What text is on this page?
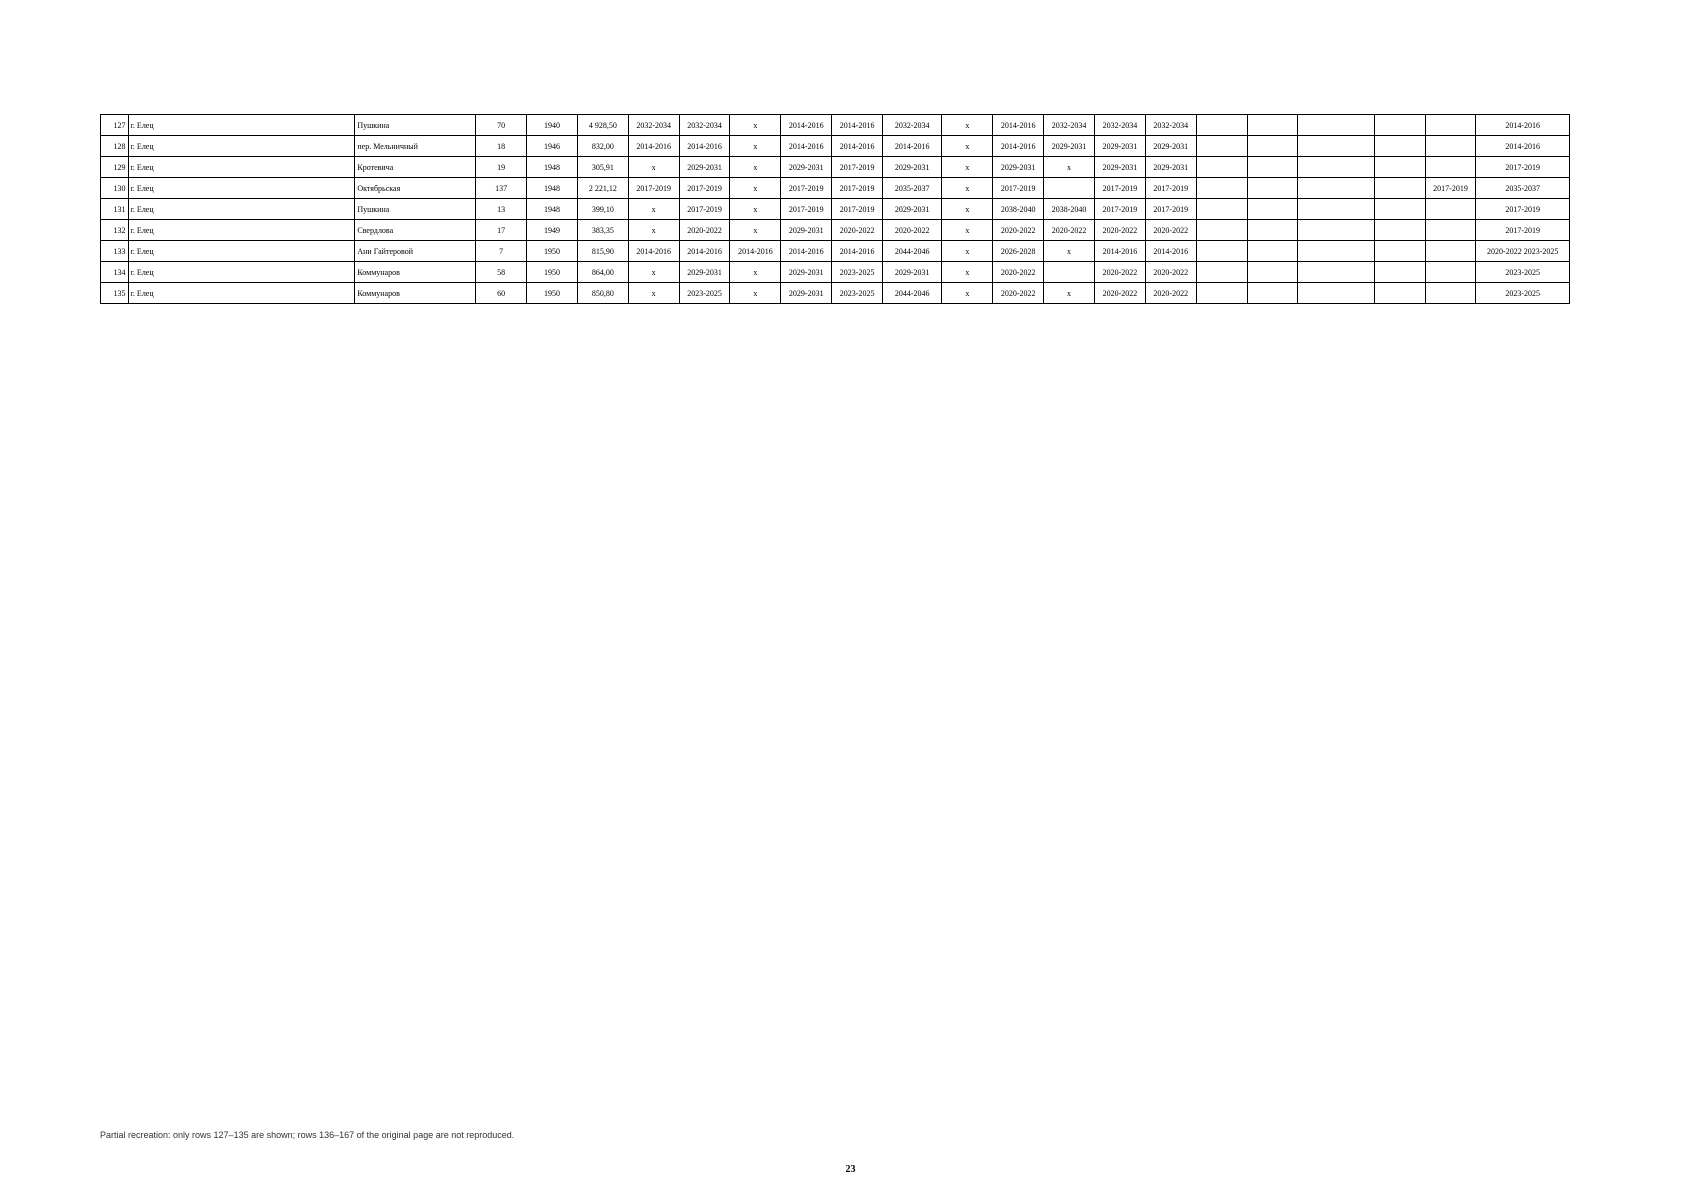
127	г. Елец	Пушкина	70	1940	4 928,50	2032-2034	2032-2034	x	2014-2016	2014-2016	2032-2034	x	2014-2016	2032-2034	2032-2034	2032-2034						2014-2016
128	г. Елец	пер. Мельничный	18	1946	832,00	2014-2016	2014-2016	x	2014-2016	2014-2016	2014-2016	x	2014-2016	2029-2031	2029-2031	2029-2031						2014-2016
129	г. Елец	Кротевича	19	1948	305,91	x	2029-2031	x	2029-2031	2017-2019	2029-2031	x	2029-2031	x	2029-2031	2029-2031						2017-2019
130	г. Елец	Октябрьская	137	1948	2 221,12	2017-2019	2017-2019	x	2017-2019	2017-2019	2035-2037	x	2017-2019		2017-2019	2017-2019					2017-2019	2035-2037
131	г. Елец	Пушкина	13	1948	399,10	x	2017-2019	x	2017-2019	2017-2019	2029-2031	x	2038-2040	2038-2040	2017-2019	2017-2019						2017-2019
132	г. Елец	Свердлова	17	1949	383,35	x	2020-2022	x	2029-2031	2020-2022	2020-2022	x	2020-2022	2020-2022	2020-2022	2020-2022						2017-2019
133	г. Елец	Ани Гайтеровой	7	1950	815,90	2014-2016	2014-2016	2014-2016	2014-2016	2014-2016	2044-2046	x	2026-2028	x	2014-2016	2014-2016						2020-2022 2023-2025
134	г. Елец	Коммунаров	58	1950	864,00	x	2029-2031	x	2029-2031	2023-2025	2029-2031	x	2020-2022		2020-2022	2020-2022						2023-2025
135	г. Елец	Коммунаров	60	1950	850,80	x	2023-2025	x	2029-2031	2023-2025	2044-2046	x	2020-2022	x	2020-2022	2020-2022						2023-2025
Partial recreation: only rows 127–135 are shown; rows 136–167 of the original page are not reproduced.
23
